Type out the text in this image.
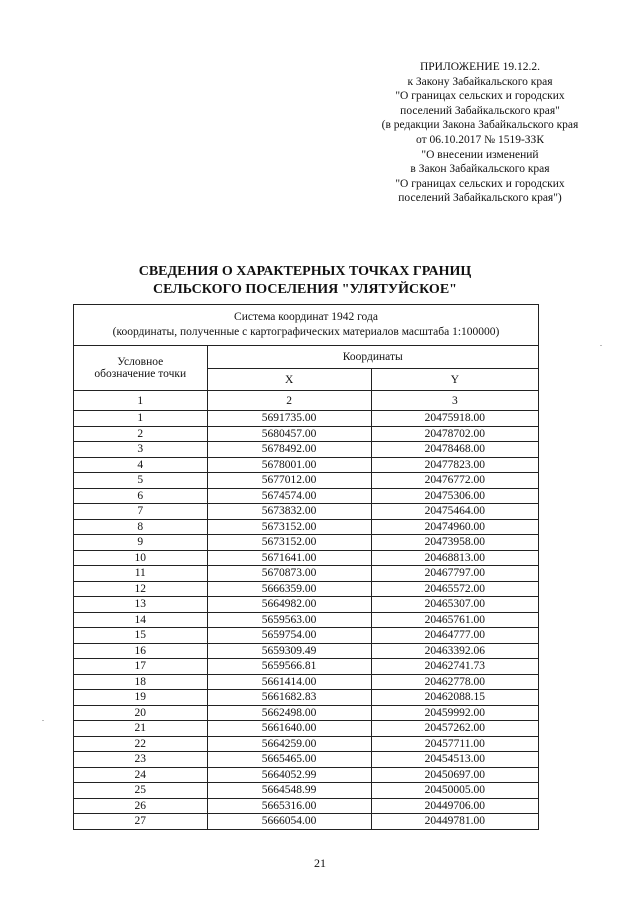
ПРИЛОЖЕНИЕ 19.12.2.
к Закону Забайкальского края
"О границах сельских и городских
поселений Забайкальского края"
(в редакции Закона Забайкальского края
от 06.10.2017 № 1519-ЗЗК
"О внесении изменений
в Закон Забайкальского края
"О границах сельских и городских
поселений Забайкальского края")
СВЕДЕНИЯ О ХАРАКТЕРНЫХ ТОЧКАХ ГРАНИЦ
СЕЛЬСКОГО ПОСЕЛЕНИЯ "УЛЯТУЙСКОЕ"
Система координат 1942 года
(координаты, полученные с картографических материалов масштаба 1:100000)		

Условное
обозначение точки	Координаты	
	X	Y
1	2	3
1	5691735.00	20475918.00
2	5680457.00	20478702.00
3	5678492.00	20478468.00
4	5678001.00	20477823.00
5	5677012.00	20476772.00
6	5674574.00	20475306.00
7	5673832.00	20475464.00
8	5673152.00	20474960.00
9	5673152.00	20473958.00
10	5671641.00	20468813.00
11	5670873.00	20467797.00
12	5666359.00	20465572.00
13	5664982.00	20465307.00
14	5659563.00	20465761.00
15	5659754.00	20464777.00
16	5659309.49	20463392.06
17	5659566.81	20462741.73
18	5661414.00	20462778.00
19	5661682.83	20462088.15
20	5662498.00	20459992.00
21	5661640.00	20457262.00
22	5664259.00	20457711.00
23	5665465.00	20454513.00
24	5664052.99	20450697.00
25	5664548.99	20450005.00
26	5665316.00	20449706.00
27	5666054.00	20449781.00
21
